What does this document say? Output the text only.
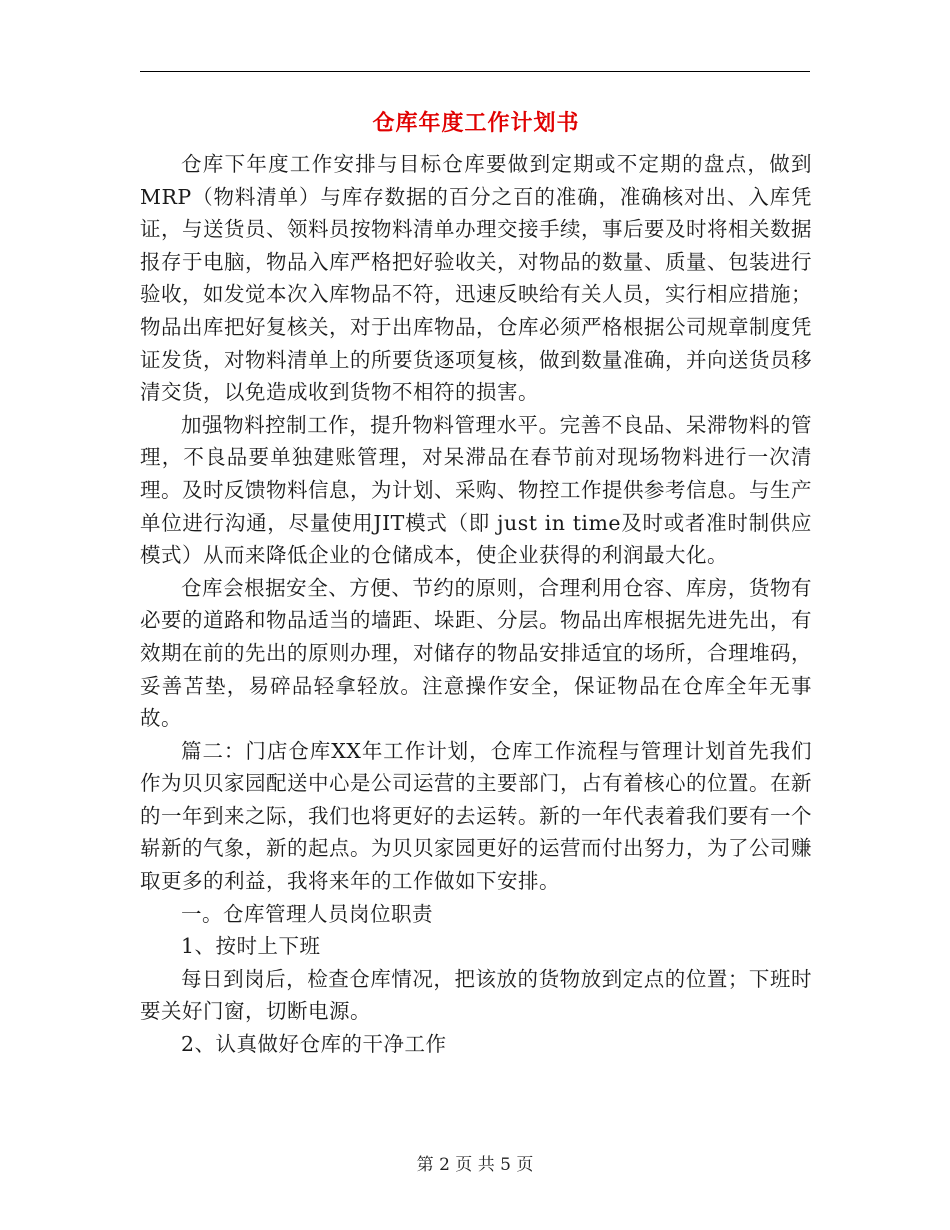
仓库年度工作计划书

仓库下年度工作安排与目标仓库要做到定期或不定期的盘点，做到MRP（物料清单）与库存数据的百分之百的准确，准确核对出、入库凭证，与送货员、领料员按物料清单办理交接手续，事后要及时将相关数据报存于电脑，物品入库严格把好验收关，对物品的数量、质量、包装进行验收，如发觉本次入库物品不符，迅速反映给有关人员，实行相应措施；物品出库把好复核关，对于出库物品，仓库必须严格根据公司规章制度凭证发货，对物料清单上的所要货逐项复核，做到数量准确，并向送货员移清交货，以免造成收到货物不相符的损害。

加强物料控制工作，提升物料管理水平。完善不良品、呆滞物料的管理，不良品要单独建账管理，对呆滞品在春节前对现场物料进行一次清理。及时反馈物料信息，为计划、采购、物控工作提供参考信息。与生产单位进行沟通，尽量使用JIT模式（即 just in time及时或者准时制供应模式）从而来降低企业的仓储成本，使企业获得的利润最大化。

仓库会根据安全、方便、节约的原则，合理利用仓容、库房，货物有必要的道路和物品适当的墙距、垛距、分层。物品出库根据先进先出，有效期在前的先出的原则办理，对储存的物品安排适宜的场所，合理堆码，妥善苫垫，易碎品轻拿轻放。注意操作安全，保证物品在仓库全年无事故。

篇二：门店仓库XX年工作计划，仓库工作流程与管理计划首先我们作为贝贝家园配送中心是公司运营的主要部门，占有着核心的位置。在新的一年到来之际，我们也将更好的去运转。新的一年代表着我们要有一个崭新的气象，新的起点。为贝贝家园更好的运营而付出努力，为了公司赚取更多的利益，我将来年的工作做如下安排。

一。仓库管理人员岗位职责

1、按时上下班

每日到岗后，检查仓库情况，把该放的货物放到定点的位置；下班时要关好门窗，切断电源。

2、认真做好仓库的干净工作

第 2 页 共 5 页
